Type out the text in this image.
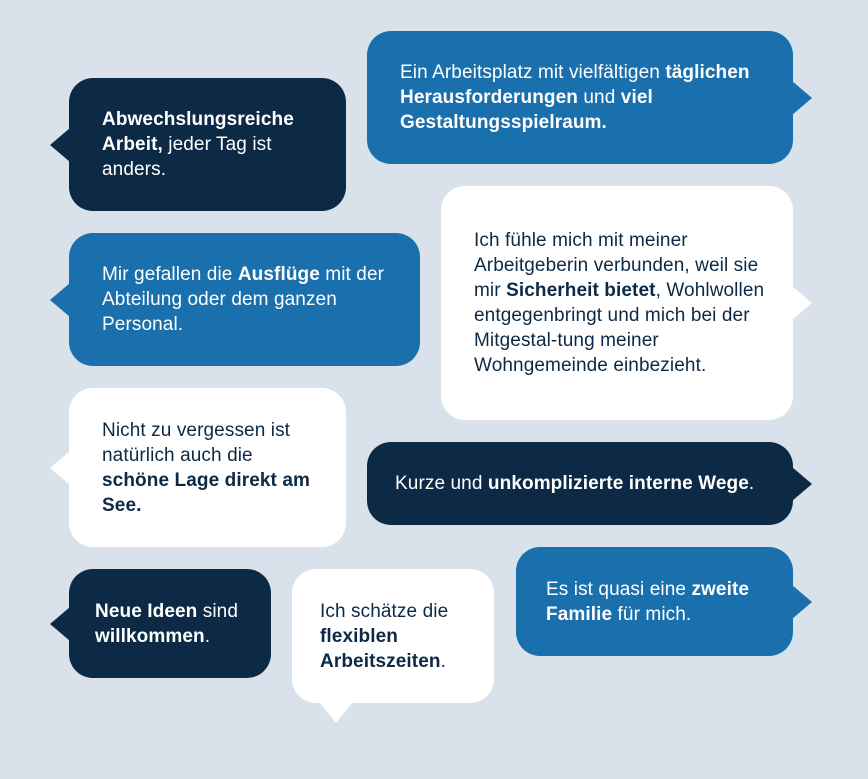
Abwechslungsreiche Arbeit, jeder Tag ist anders.
Ein Arbeitsplatz mit vielfältigen täglichen Herausforderungen und viel Gestaltungsspielraum.
Mir gefallen die Ausflüge mit der Abteilung oder dem ganzen Personal.
Ich fühle mich mit meiner Arbeitgeberin verbunden, weil sie mir Sicherheit bietet, Wohlwollen entgegenbringt und mich bei der Mitgestal-tung meiner Wohngemeinde einbezieht.
Nicht zu vergessen ist natürlich auch die schöne Lage direkt am See.
Kurze und unkomplizierte interne Wege.
Neue Ideen sind willkommen.
Ich schätze die flexiblen Arbeitszeiten.
Es ist quasi eine zweite Familie für mich.
